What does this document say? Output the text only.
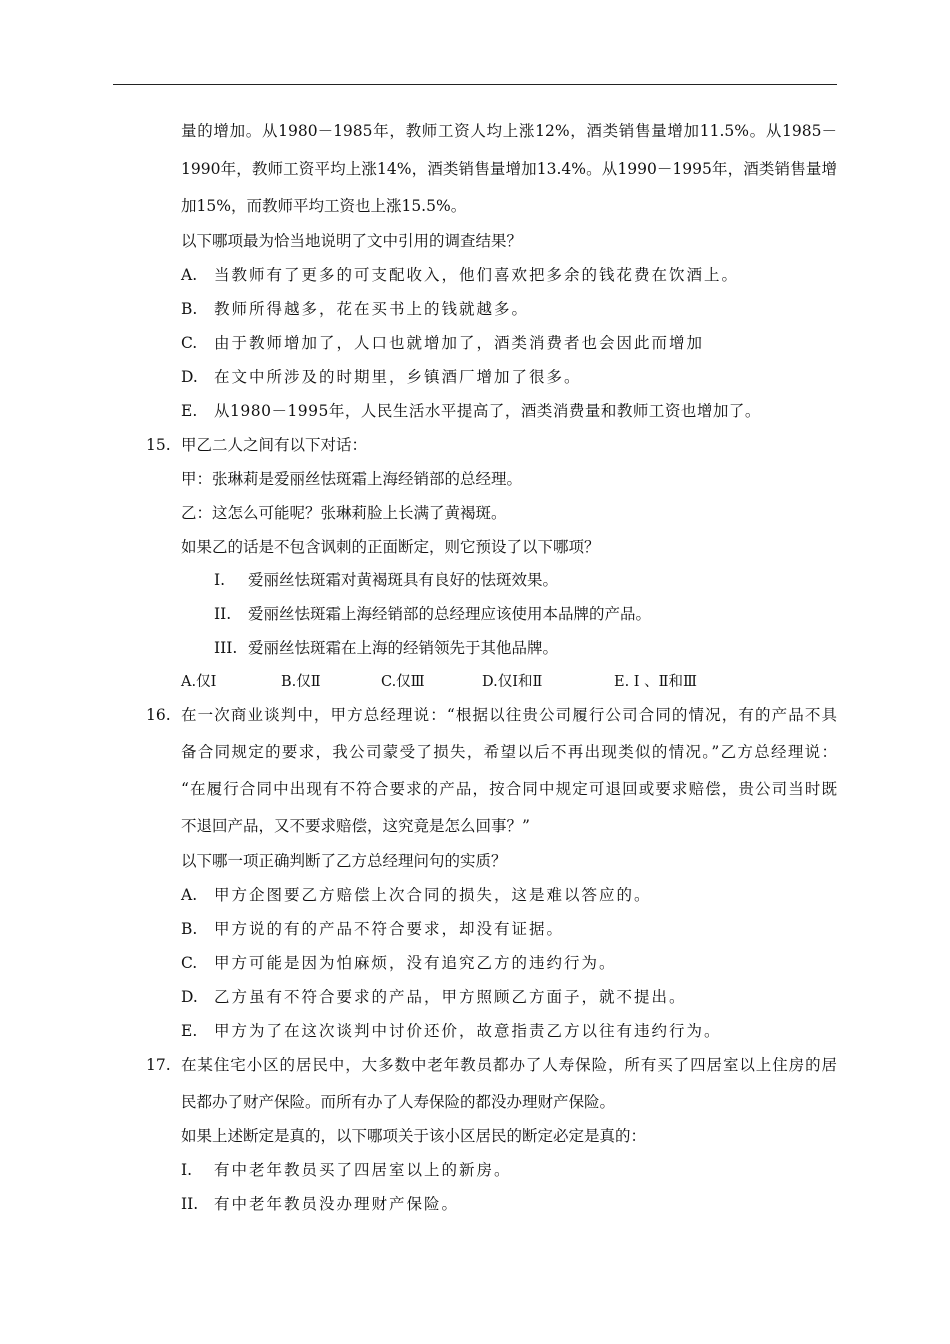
量的增加。从1980－1985年，教师工资人均上涨12%，酒类销售量增加11.5%。从1985－
1990年，教师工资平均上涨14%，酒类销售量增加13.4%。从1990－1995年，酒类销售量增
加15%，而教师平均工资也上涨15.5%。
以下哪项最为恰当地说明了文中引用的调查结果？
A. 当教师有了更多的可支配收入，他们喜欢把多余的钱花费在饮酒上。
B. 教师所得越多，花在买书上的钱就越多。
C. 由于教师增加了，人口也就增加了，酒类消费者也会因此而增加
D. 在文中所涉及的时期里，乡镇酒厂增加了很多。
E. 从1980－1995年，人民生活水平提高了，酒类消费量和教师工资也增加了。
15. 甲乙二人之间有以下对话：
甲：张琳莉是爱丽丝怯斑霜上海经销部的总经理。
乙：这怎么可能呢？张琳莉脸上长满了黄褐斑。
如果乙的话是不包含讽刺的正面断定，则它预设了以下哪项？
I. 爱丽丝怯斑霜对黄褐斑具有良好的怯斑效果。
II. 爱丽丝怯斑霜上海经销部的总经理应该使用本品牌的产品。
III. 爱丽丝怯斑霜在上海的经销领先于其他品牌。
A.仅Ⅰ	B.仅Ⅱ	C.仅Ⅲ	D.仅Ⅰ和Ⅱ	E. Ⅰ 、Ⅱ和Ⅲ
16. 在一次商业谈判中，甲方总经理说：“根据以往贵公司履行公司合同的情况，有的产品不具
备合同规定的要求，我公司蒙受了损失，希望以后不再出现类似的情况。”乙方总经理说：
“在履行合同中出现有不符合要求的产品，按合同中规定可退回或要求赔偿，贵公司当时既
不退回产品，又不要求赔偿，这究竟是怎么回事？”
以下哪一项正确判断了乙方总经理问句的实质？
A. 甲方企图要乙方赔偿上次合同的损失，这是难以答应的。
B. 甲方说的有的产品不符合要求，却没有证据。
C. 甲方可能是因为怕麻烦，没有追究乙方的违约行为。
D. 乙方虽有不符合要求的产品，甲方照顾乙方面子，就不提出。
E. 甲方为了在这次谈判中讨价还价，故意指责乙方以往有违约行为。
17. 在某住宅小区的居民中，大多数中老年教员都办了人寿保险，所有买了四居室以上住房的居
民都办了财产保险。而所有办了人寿保险的都没办理财产保险。
如果上述断定是真的，以下哪项关于该小区居民的断定必定是真的：
I. 有中老年教员买了四居室以上的新房。
II. 有中老年教员没办理财产保险。
